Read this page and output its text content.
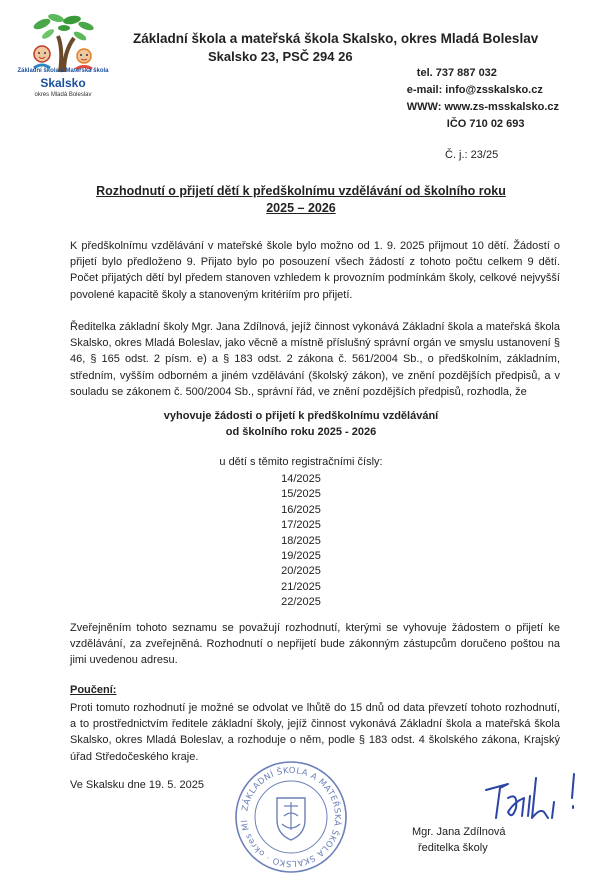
Základní škola a Mateřská škola
Skalsko
okres Mladá Boleslav
Základní škola a mateřská škola Skalsko, okres Mladá Boleslav
Skalsko 23, PSČ 294 26
tel. 737 887 032
e-mail: info@zsskalsko.cz
WWW: www.zs-msskalsko.cz
IČO 710 02 693
Č. j.: 23/25
Rozhodnutí o přijetí dětí k předškolnímu vzdělávání od školního roku
2025 – 2026
K předškolnímu vzdělávání v mateřské škole bylo možno od 1. 9. 2025 přijmout 10 dětí. Žádostí o přijetí bylo předloženo 9. Přijato bylo po posouzení všech žádostí z tohoto počtu celkem 9 dětí. Počet přijatých dětí byl předem stanoven vzhledem k provozním podmínkám školy, celkové nejvyšší povolené kapacitě školy a stanoveným kritériím pro přijetí.
Ředitelka základní školy Mgr. Jana Zdílnová, jejíž činnost vykonává Základní škola a mateřská škola Skalsko, okres Mladá Boleslav, jako věcně a místně příslušný správní orgán ve smyslu ustanovení § 46, § 165 odst. 2 písm. e) a § 183 odst. 2 zákona č. 561/2004 Sb., o předškolním, základním, středním, vyšším odborném a jiném vzdělávání (školský zákon), ve znění pozdějších předpisů, a v souladu se zákonem č. 500/2004 Sb., správní řád, ve znění pozdějších předpisů, rozhodla, že
vyhovuje žádosti o přijetí k předškolnímu vzdělávání
od školního roku 2025 - 2026
u dětí s těmito registračními čísly:
14/2025
15/2025
16/2025
17/2025
18/2025
19/2025
20/2025
21/2025
22/2025
Zveřejněním tohoto seznamu se považují rozhodnutí, kterými se vyhovuje žádostem o přijetí ke vzdělávání, za zveřejněná. Rozhodnutí o nepřijetí bude zákonným zástupcům doručeno poštou na jimi uvedenou adresu.
Poučení:
Proti tomuto rozhodnutí je možné se odvolat ve lhůtě do 15 dnů od data převzetí tohoto rozhodnutí, a to prostřednictvím ředitele základní školy, jejíž činnost vykonává Základní škola a mateřská škola Skalsko, okres Mladá Boleslav, a rozhoduje o něm, podle § 183 odst. 4 školského zákona, Krajský úřad Středočeského kraje.
Ve Skalsku dne 19. 5. 2025
ZÁKLADNÍ ŠKOLA A MATEŘSKÁ ŠKOLA SKALSKO · okres Ml
Mgr. Jana Zdílnová
ředitelka školy
